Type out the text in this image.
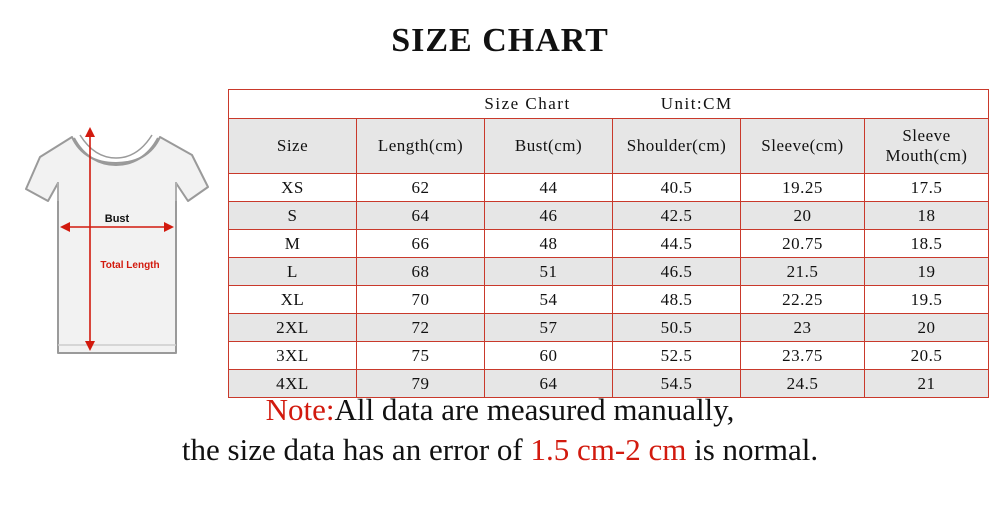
SIZE CHART
Bust
Total Length
Size Chart Unit:CM					

Size	Length(cm)	Bust(cm)	Shoulder(cm)	Sleeve(cm)	Sleeve
Mouth(cm)

XS	62	44	40.5	19.25	17.5
S	64	46	42.5	20	18
M	66	48	44.5	20.75	18.5
L	68	51	46.5	21.5	19
XL	70	54	48.5	22.25	19.5
2XL	72	57	50.5	23	20
3XL	75	60	52.5	23.75	20.5
4XL	79	64	54.5	24.5	21
Note:All data are measured manually,
the size data has an error of 1.5 cm-2 cm is normal.
